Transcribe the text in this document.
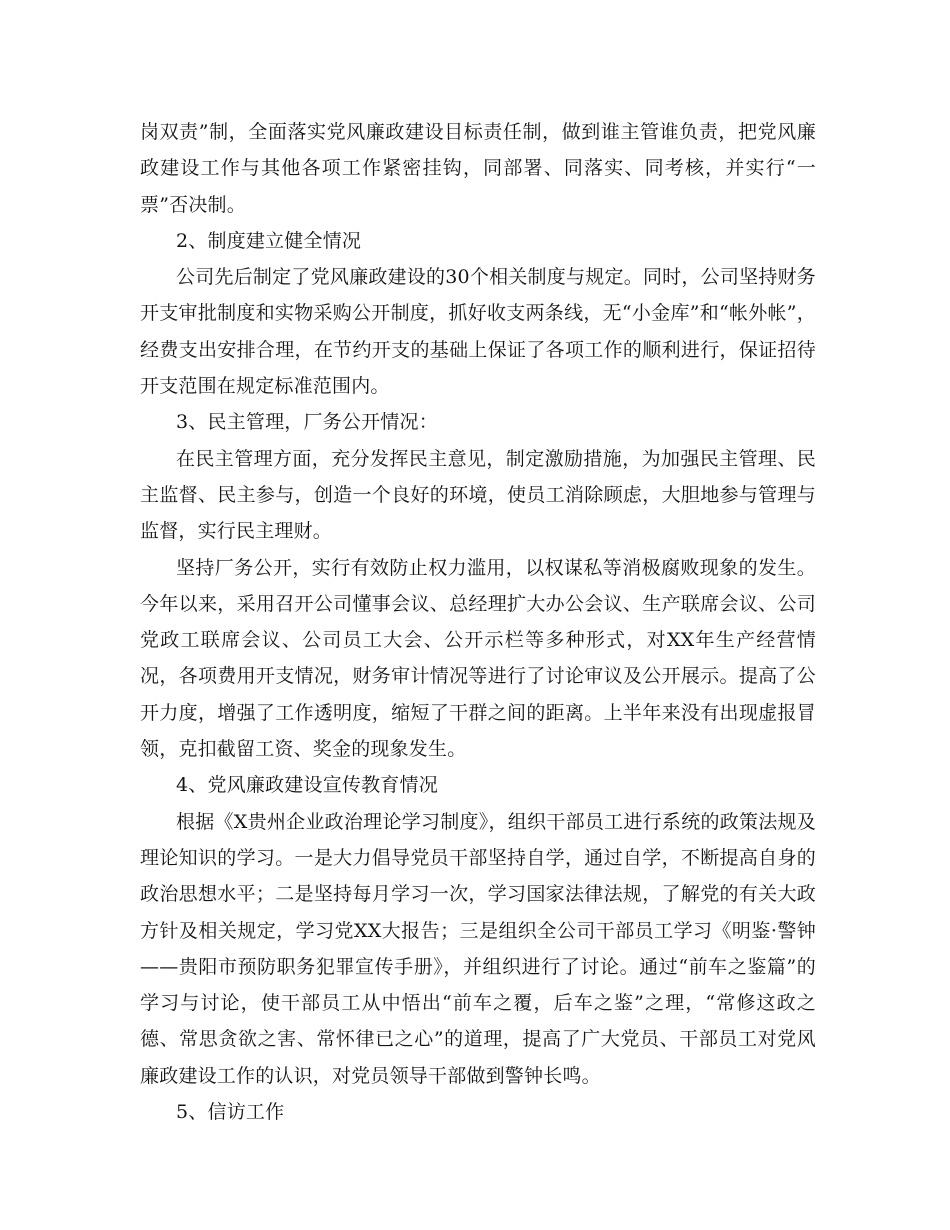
岗双责”制，全面落实党风廉政建设目标责任制，做到谁主管谁负责，把党风廉政建设工作与其他各项工作紧密挂钩，同部署、同落实、同考核，并实行“一票”否决制。

2、制度建立健全情况

公司先后制定了党风廉政建设的30个相关制度与规定。同时，公司坚持财务开支审批制度和实物采购公开制度，抓好收支两条线，无“小金库”和“帐外帐”，经费支出安排合理，在节约开支的基础上保证了各项工作的顺利进行，保证招待开支范围在规定标准范围内。

3、民主管理，厂务公开情况：

在民主管理方面，充分发挥民主意见，制定激励措施，为加强民主管理、民主监督、民主参与，创造一个良好的环境，使员工消除顾虑，大胆地参与管理与监督，实行民主理财。

坚持厂务公开，实行有效防止权力滥用，以权谋私等消极腐败现象的发生。今年以来，采用召开公司懂事会议、总经理扩大办公会议、生产联席会议、公司党政工联席会议、公司员工大会、公开示栏等多种形式，对XX年生产经营情况，各项费用开支情况，财务审计情况等进行了讨论审议及公开展示。提高了公开力度，增强了工作透明度，缩短了干群之间的距离。上半年来没有出现虚报冒领，克扣截留工资、奖金的现象发生。

4、党风廉政建设宣传教育情况

根据《X贵州企业政治理论学习制度》，组织干部员工进行系统的政策法规及理论知识的学习。一是大力倡导党员干部坚持自学，通过自学，不断提高自身的政治思想水平；二是坚持每月学习一次，学习国家法律法规，了解党的有关大政方针及相关规定，学习党XX大报告；三是组织全公司干部员工学习《明鉴·警钟——贵阳市预防职务犯罪宣传手册》，并组织进行了讨论。通过“前车之鉴篇”的学习与讨论，使干部员工从中悟出“前车之覆，后车之鉴”之理，“常修这政之德、常思贪欲之害、常怀律已之心”的道理，提高了广大党员、干部员工对党风廉政建设工作的认识，对党员领导干部做到警钟长鸣。

5、信访工作
